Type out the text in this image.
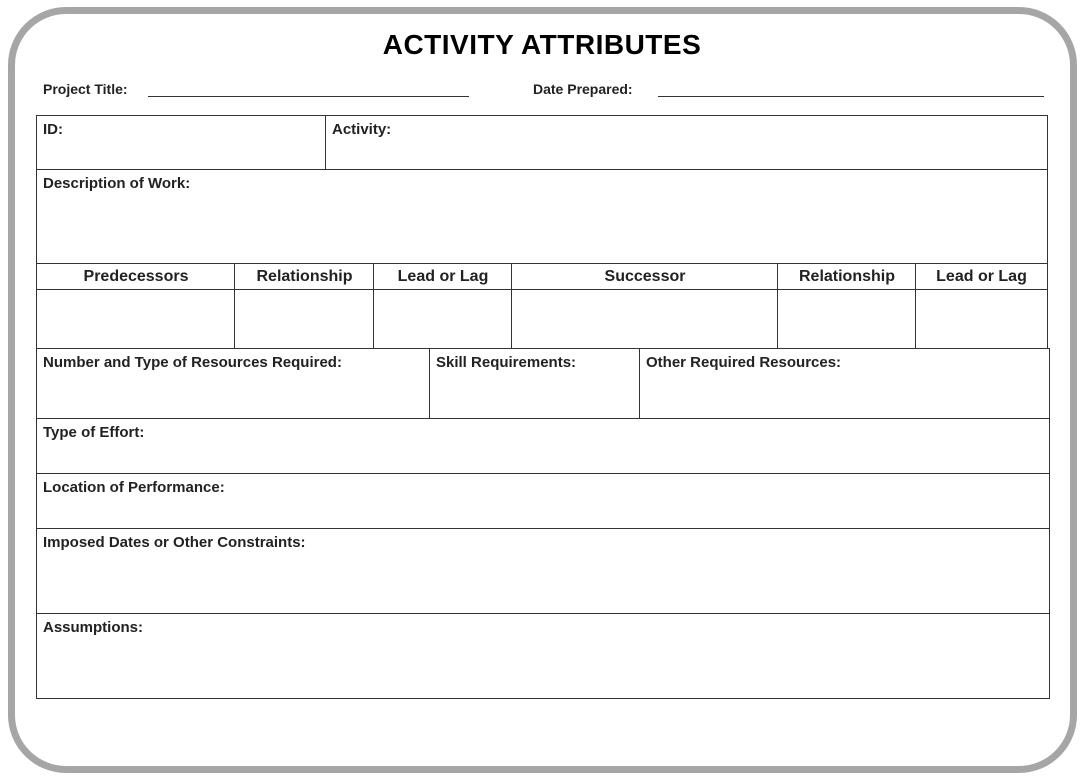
ACTIVITY ATTRIBUTES
Project Title:	Date Prepared:
ID:	Activity:
Description of Work:
Predecessors	Relationship	Lead or Lag	Successor	Relationship	Lead or Lag
Number and Type of Resources Required:	Skill Requirements:	Other Required Resources:
Type of Effort:
Location of Performance:
Imposed Dates or Other Constraints:
Assumptions:
